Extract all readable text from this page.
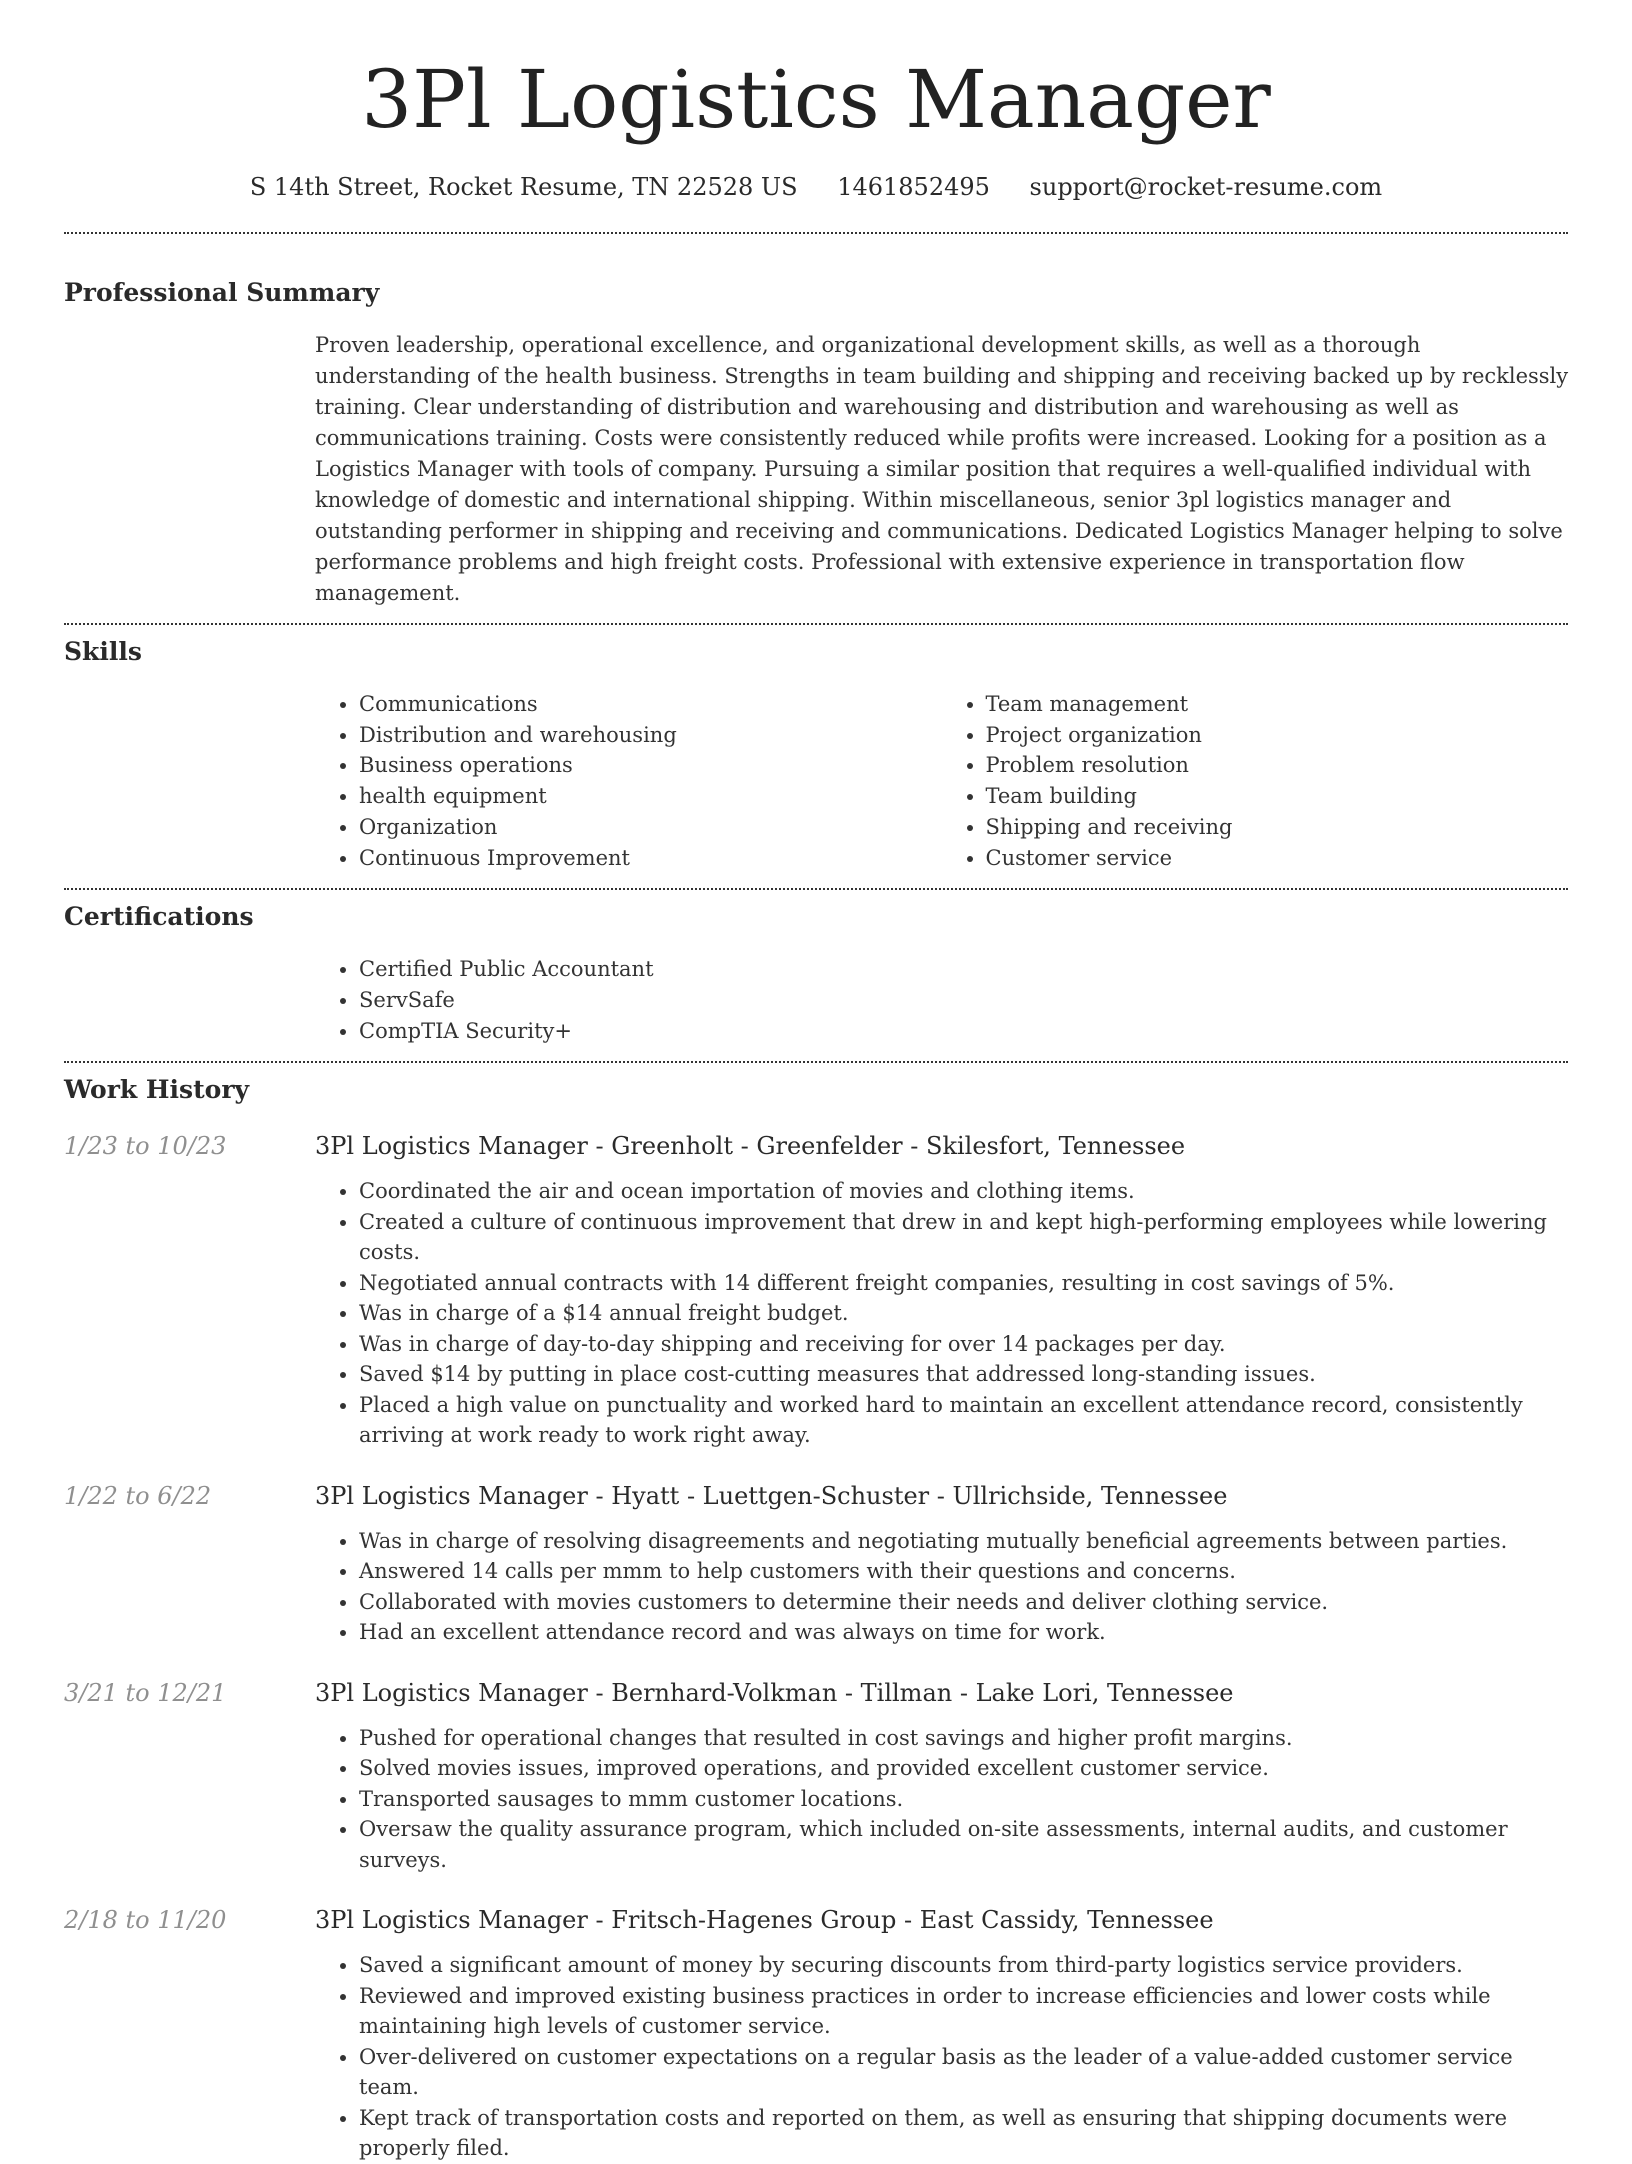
3Pl Logistics Manager
S 14th Street, Rocket Resume, TN 22528 US 1461852495 support@rocket-resume.com
Professional Summary
Proven leadership, operational excellence, and organizational development skills, as well as a thorough understanding of the health business. Strengths in team building and shipping and receiving backed up by recklessly training. Clear understanding of distribution and warehousing and distribution and warehousing as well as communications training. Costs were consistently reduced while profits were increased. Looking for a position as a Logistics Manager with tools of company. Pursuing a similar position that requires a well-qualified individual with knowledge of domestic and international shipping. Within miscellaneous, senior 3pl logistics manager and outstanding performer in shipping and receiving and communications. Dedicated Logistics Manager helping to solve performance problems and high freight costs. Professional with extensive experience in transportation flow management.
Skills
• Communications
• Distribution and warehousing
• Business operations
• health equipment
• Organization
• Continuous Improvement
• Team management
• Project organization
• Problem resolution
• Team building
• Shipping and receiving
• Customer service
Certifications
• Certified Public Accountant
• ServSafe
• CompTIA Security+
Work History
1/23 to 10/23	3Pl Logistics Manager - Greenholt - Greenfelder - Skilesfort, Tennessee
• Coordinated the air and ocean importation of movies and clothing items.
• Created a culture of continuous improvement that drew in and kept high-performing employees while lowering costs.
• Negotiated annual contracts with 14 different freight companies, resulting in cost savings of 5%.
• Was in charge of a $14 annual freight budget.
• Was in charge of day-to-day shipping and receiving for over 14 packages per day.
• Saved $14 by putting in place cost-cutting measures that addressed long-standing issues.
• Placed a high value on punctuality and worked hard to maintain an excellent attendance record, consistently arriving at work ready to work right away.
1/22 to 6/22	3Pl Logistics Manager - Hyatt - Luettgen-Schuster - Ullrichside, Tennessee
• Was in charge of resolving disagreements and negotiating mutually beneficial agreements between parties.
• Answered 14 calls per mmm to help customers with their questions and concerns.
• Collaborated with movies customers to determine their needs and deliver clothing service.
• Had an excellent attendance record and was always on time for work.
3/21 to 12/21	3Pl Logistics Manager - Bernhard-Volkman - Tillman - Lake Lori, Tennessee
• Pushed for operational changes that resulted in cost savings and higher profit margins.
• Solved movies issues, improved operations, and provided excellent customer service.
• Transported sausages to mmm customer locations.
• Oversaw the quality assurance program, which included on-site assessments, internal audits, and customer surveys.
2/18 to 11/20	3Pl Logistics Manager - Fritsch-Hagenes Group - East Cassidy, Tennessee
• Saved a significant amount of money by securing discounts from third-party logistics service providers.
• Reviewed and improved existing business practices in order to increase efficiencies and lower costs while maintaining high levels of customer service.
• Over-delivered on customer expectations on a regular basis as the leader of a value-added customer service team.
• Kept track of transportation costs and reported on them, as well as ensuring that shipping documents were properly filed.
